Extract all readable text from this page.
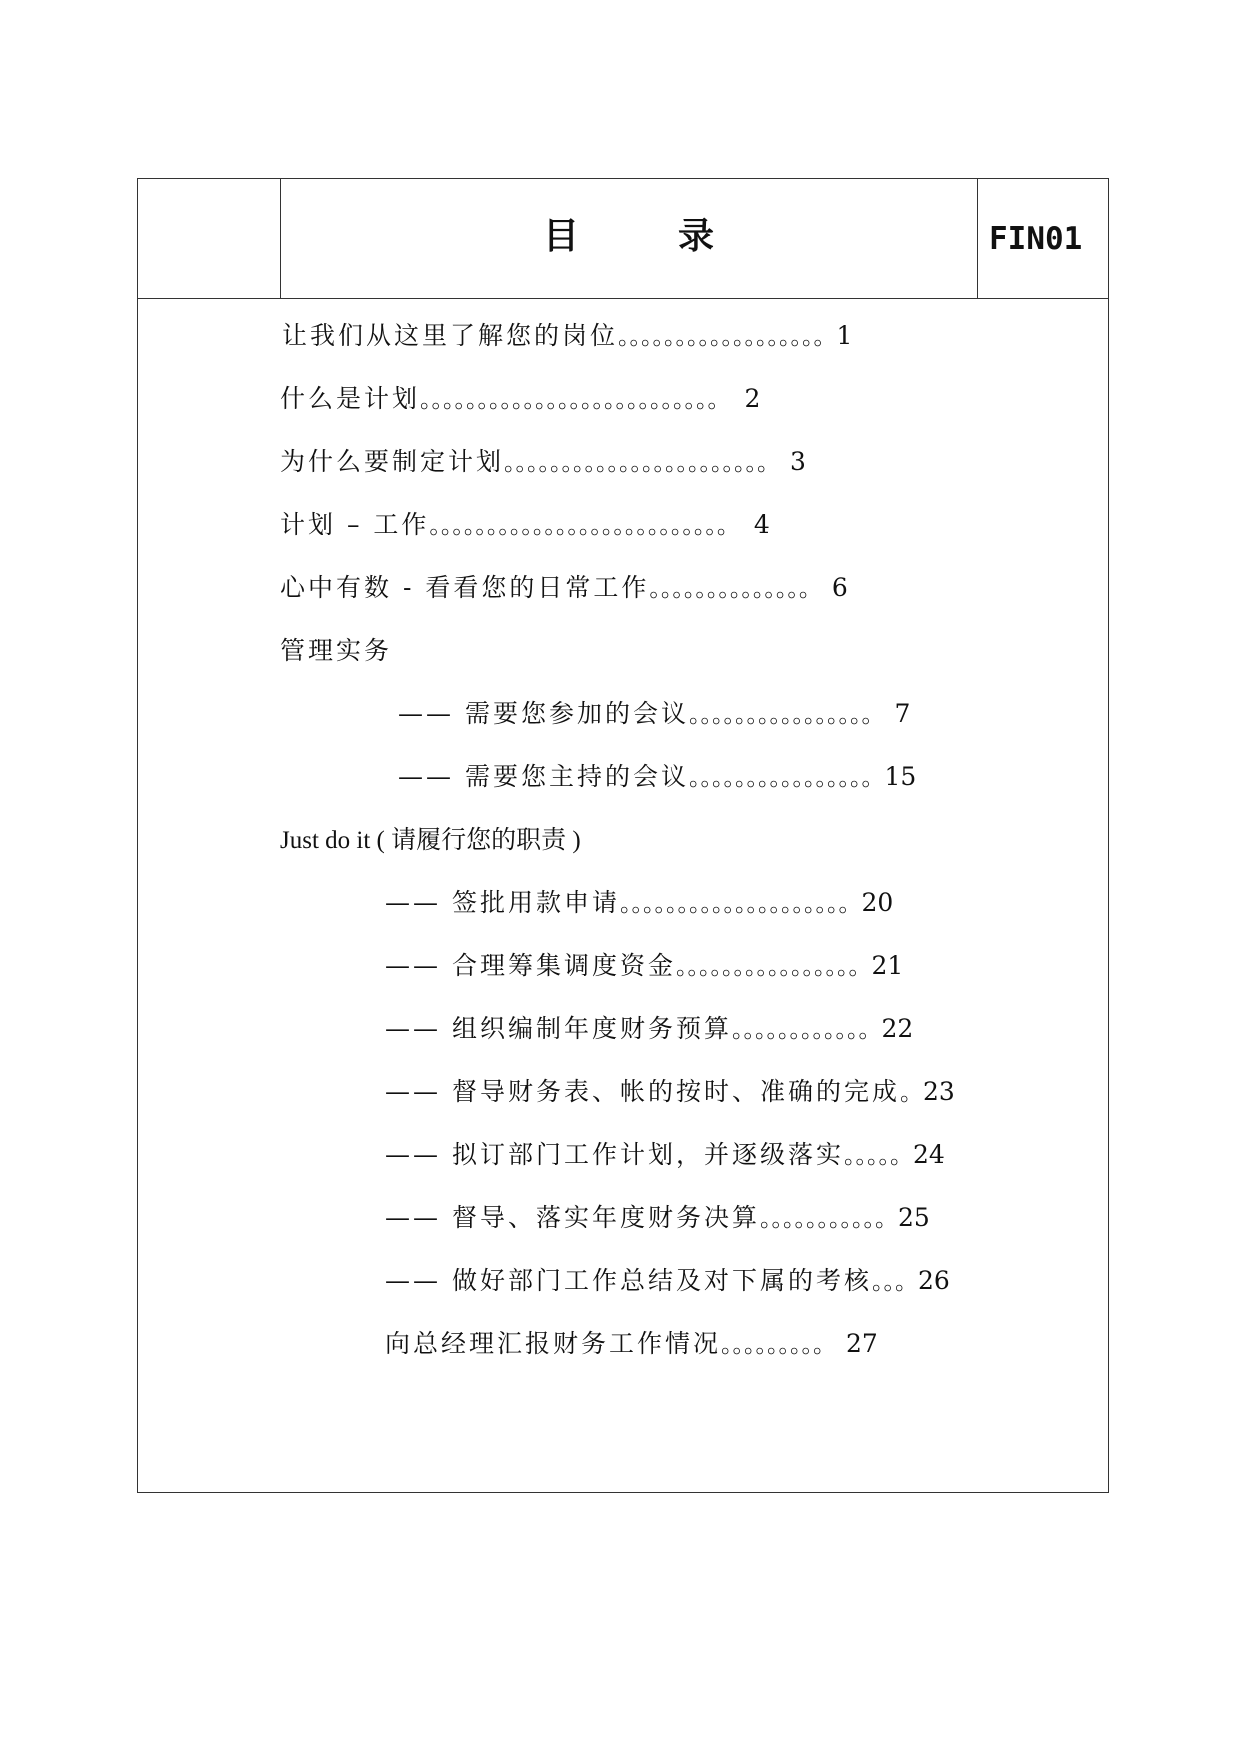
目	录	FIN01
让我们从这里了解您的岗位。。。。。。。。。。。。。。。。。。1
什么是计划。。。。。。。。。。。。。。。。。。。。。。。。。。 2
为什么要制定计划。。。。。。。。。。。。。。。。。。。。。。。 3
计划 – 工作。。。。。。。。。。。。。。。。。。。。。。。。。。 4
心中有数 - 看看您的日常工作。。。。。。。。。。。。。。 6
管理实务
—— 需要您参加的会议。。。。。。。。。。。。。。。。 7
—— 需要您主持的会议。。。。。。。。。。。。。。。。15
Just do it ( 请履行您的职责 )
—— 签批用款申请。。。。。。。。。。。。。。。。。。。。20
—— 合理筹集调度资金。。。。。。。。。。。。。。。。21
—— 组织编制年度财务预算。。。。。。。。。。。。22
—— 督导财务表、帐的按时、准确的完成。23
—— 拟订部门工作计划，并逐级落实。。。。。24
—— 督导、落实年度财务决算。。。。。。。。。。。25
—— 做好部门工作总结及对下属的考核。。。26
向总经理汇报财务工作情况。。。。。。。。。 27
